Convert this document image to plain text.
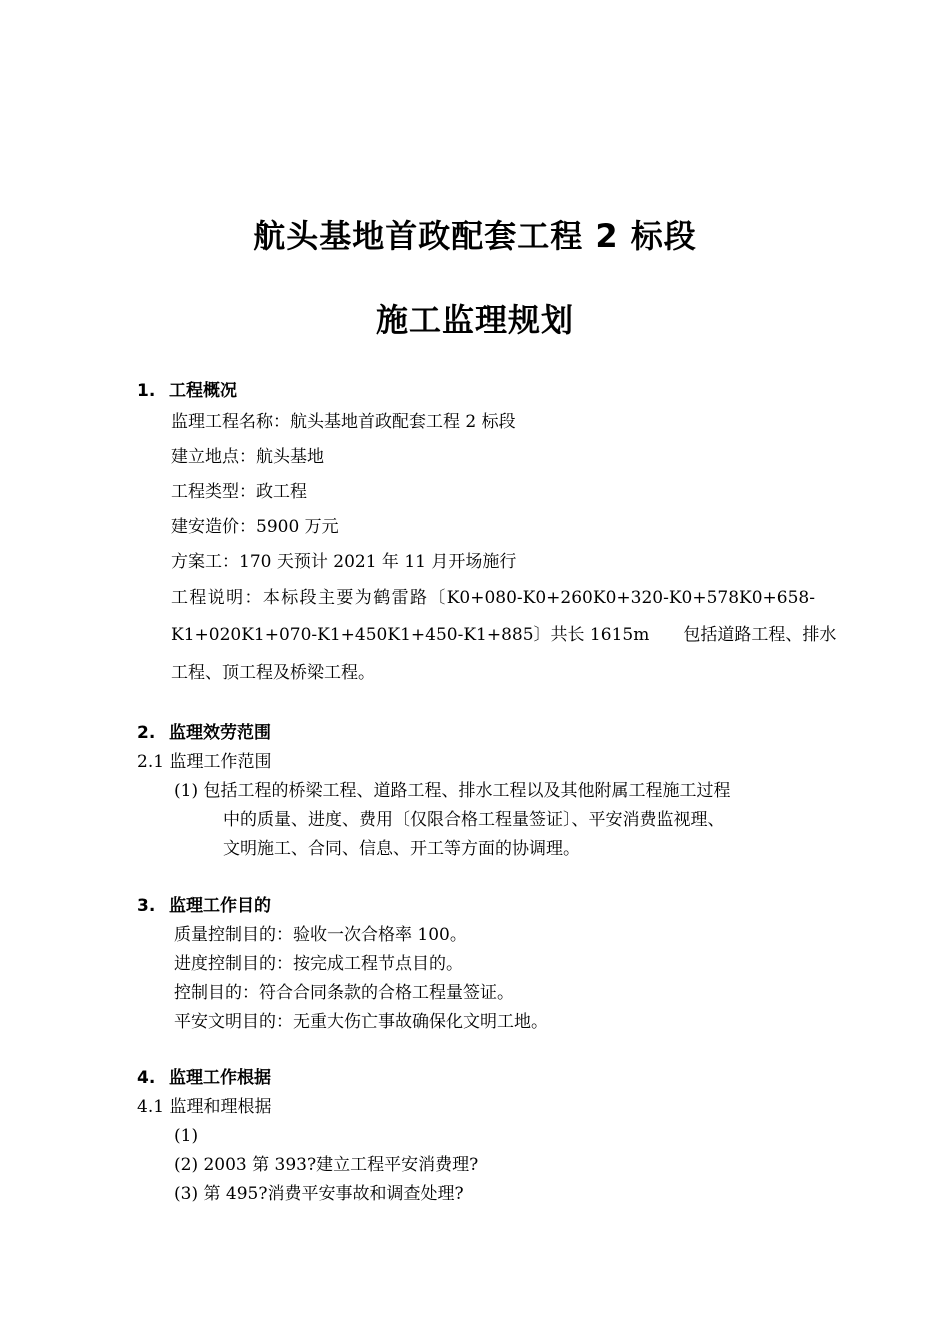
航头基地首政配套工程 2 标段
施工监理规划
1. 工程概况
监理工程名称：航头基地首政配套工程 2 标段
建立地点：航头基地
工程类型：政工程
建安造价：5900 万元
方案工：170 天预计 2021 年 11 月开场施行
工程说明：本标段主要为鹤雷路〔K0+080-K0+260K0+320-K0+578K0+658-
K1+020K1+070-K1+450K1+450-K1+885〕共长 1615m　　包括道路工程、排水
工程、顶工程及桥梁工程。
2. 监理效劳范围
2.1 监理工作范围
(1) 包括工程的桥梁工程、道路工程、排水工程以及其他附属工程施工过程
中的质量、进度、费用〔仅限合格工程量签证〕、平安消费监视理、
文明施工、合同、信息、开工等方面的协调理。
3. 监理工作目的
质量控制目的：验收一次合格率 100。
进度控制目的：按完成工程节点目的。
控制目的：符合合同条款的合格工程量签证。
平安文明目的：无重大伤亡事故确保化文明工地。
4. 监理工作根据
4.1 监理和理根据
(1)
(2) 2003 第 393?建立工程平安消费理?
(3) 第 495?消费平安事故和调查处理?
